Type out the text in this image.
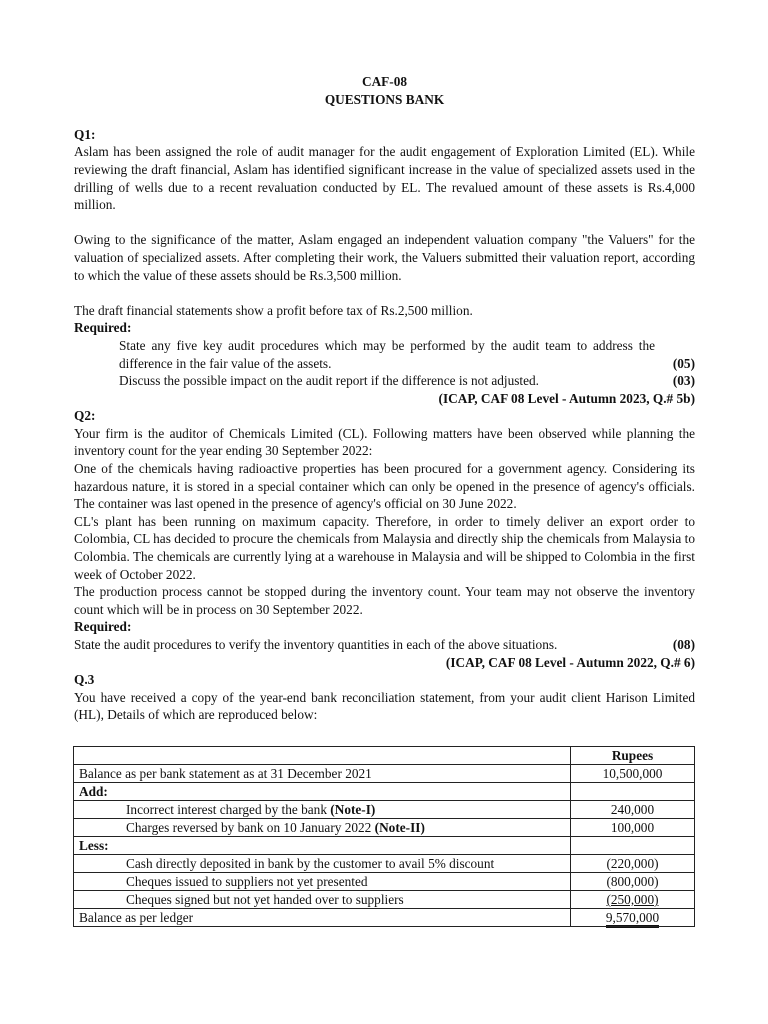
CAF-08
QUESTIONS BANK
Q1:

Aslam has been assigned the role of audit manager for the audit engagement of Exploration Limited (EL). While reviewing the draft financial, Aslam has identified significant increase in the value of specialized assets used in the drilling of wells due to a recent revaluation conducted by EL. The revalued amount of these assets is Rs.4,000 million.

Owing to the significance of the matter, Aslam engaged an independent valuation company "the Valuers" for the valuation of specialized assets. After completing their work, the Valuers submitted their valuation report, according to which the value of these assets should be Rs.3,500 million.

The draft financial statements show a profit before tax of Rs.2,500 million.

Required:
State any five key audit procedures which may be performed by the audit team to address the difference in the fair value of the assets.	(05)
Discuss the possible impact on the audit report if the difference is not adjusted.	(03)
(ICAP, CAF 08 Level - Autumn 2023, Q.# 5b)
Q2:

Your firm is the auditor of Chemicals Limited (CL). Following matters have been observed while planning the inventory count for the year ending 30 September 2022:

One of the chemicals having radioactive properties has been procured for a government agency. Considering its hazardous nature, it is stored in a special container which can only be opened in the presence of agency's officials. The container was last opened in the presence of agency's official on 30 June 2022.

CL's plant has been running on maximum capacity. Therefore, in order to timely deliver an export order to Colombia, CL has decided to procure the chemicals from Malaysia and directly ship the chemicals from Malaysia to Colombia. The chemicals are currently lying at a warehouse in Malaysia and will be shipped to Colombia in the first week of October 2022.

The production process cannot be stopped during the inventory count. Your team may not observe the inventory count which will be in process on 30 September 2022.

Required:
State the audit procedures to verify the inventory quantities in each of the above situations.	(08)
(ICAP, CAF 08 Level - Autumn 2022, Q.# 6)
Q.3

You have received a copy of the year-end bank reconciliation statement, from your audit client Harison Limited (HL), Details of which are reproduced below:

	Rupees
Balance as per bank statement as at 31 December 2021	10,500,000
Add:	
Incorrect interest charged by the bank (Note-I)	240,000
Charges reversed by bank on 10 January 2022 (Note-II)	100,000
Less:	
Cash directly deposited in bank by the customer to avail 5% discount	(220,000)
Cheques issued to suppliers not yet presented	(800,000)
Cheques signed but not yet handed over to suppliers	(250,000)
Balance as per ledger	9,570,000
